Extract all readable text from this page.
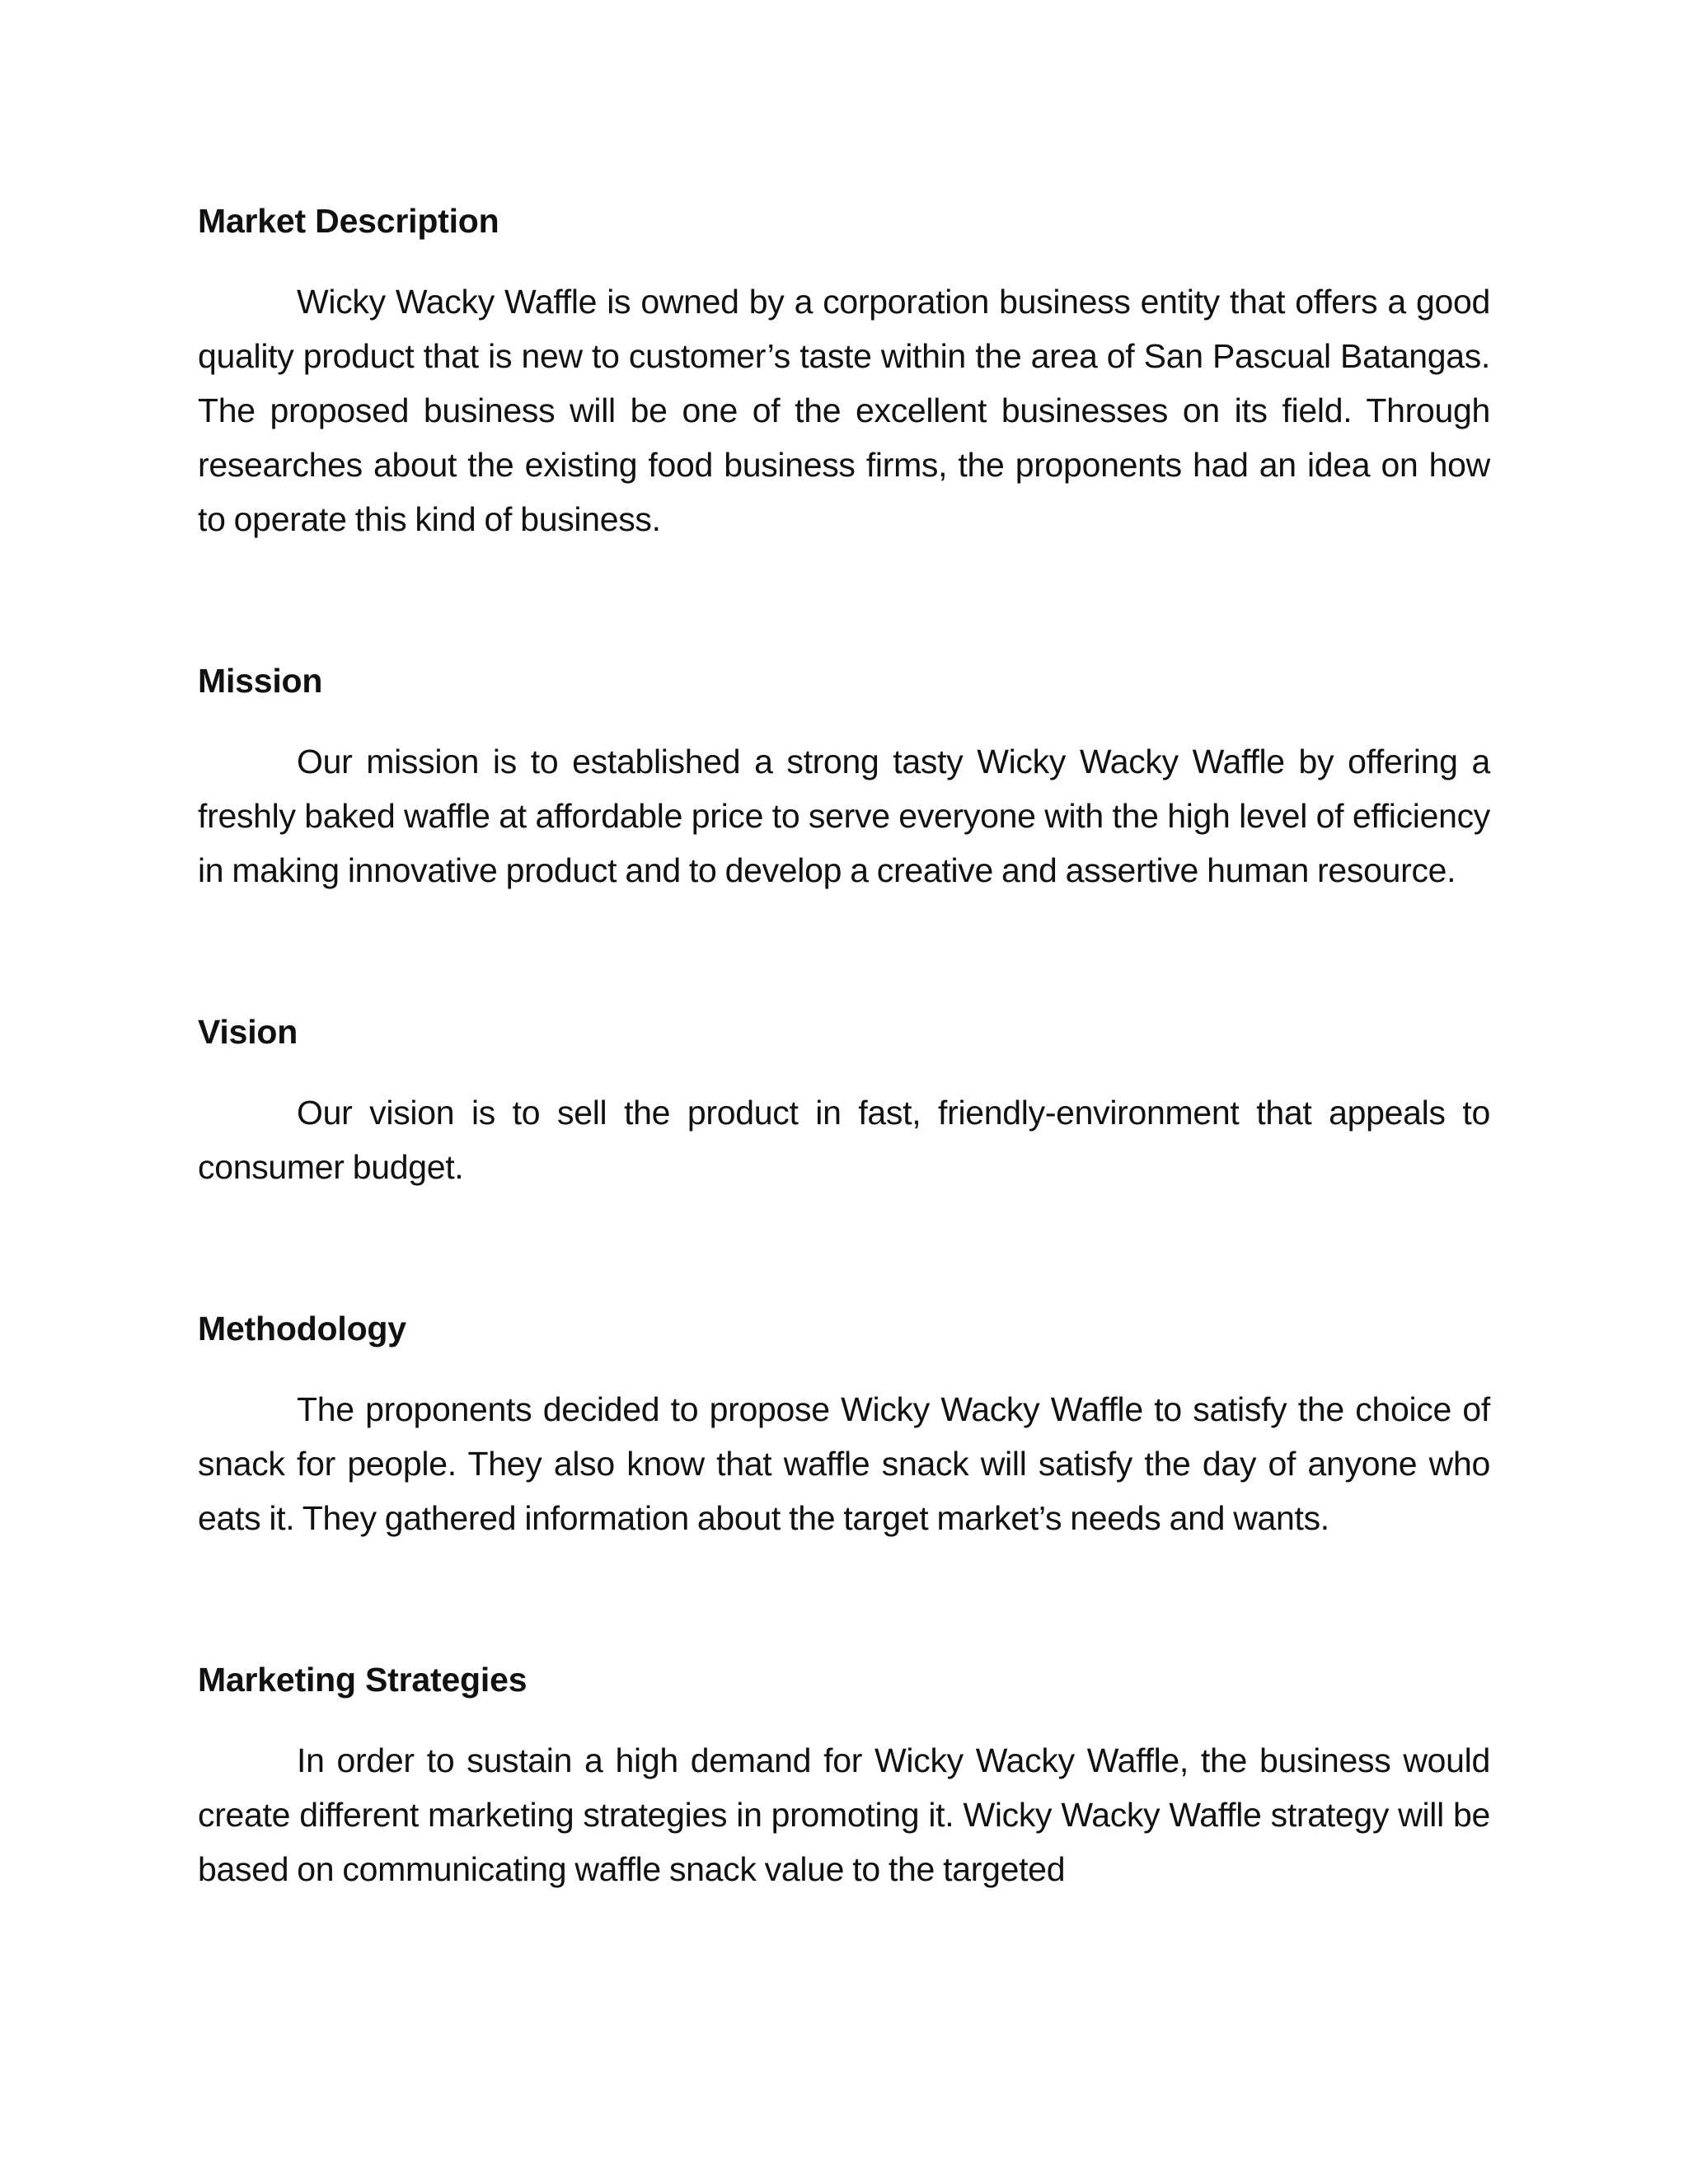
Market Description

Wicky Wacky Waffle is owned by a corporation business entity that offers a good quality product that is new to customer’s taste within the area of San Pascual Batangas. The proposed business will be one of the excellent businesses on its field. Through researches about the existing food business firms, the proponents had an idea on how to operate this kind of business.

Mission

Our mission is to established a strong tasty Wicky Wacky Waffle by offering a freshly baked waffle at affordable price to serve everyone with the high level of efficiency in making innovative product and to develop a creative and assertive human resource.

Vision

Our vision is to sell the product in fast, friendly-environment that appeals to consumer budget.

Methodology

The proponents decided to propose Wicky Wacky Waffle to satisfy the choice of snack for people. They also know that waffle snack will satisfy the day of anyone who eats it. They gathered information about the target market’s needs and wants.

Marketing Strategies

In order to sustain a high demand for Wicky Wacky Waffle, the business would create different marketing strategies in promoting it. Wicky Wacky Waffle strategy will be based on communicating waffle snack value to the targeted
